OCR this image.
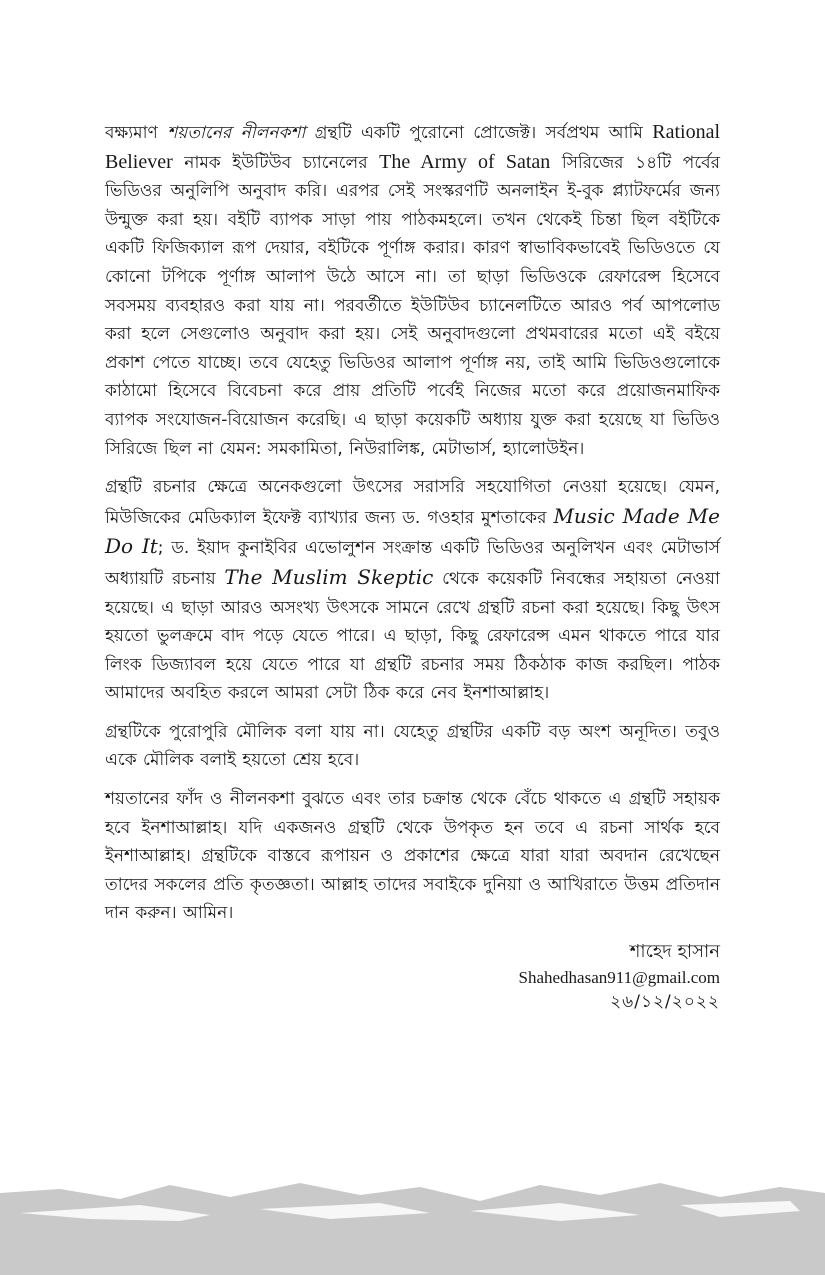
বক্ষ্যমাণ শয়তানের নীলনকশা গ্রন্থটি একটি পুরোনো প্রোজেক্ট। সর্বপ্রথম আমি Rational Believer নামক ইউটিউব চ্যানেলের The Army of Satan সিরিজের ১৪টি পর্বের ভিডিওর অনুলিপি অনুবাদ করি। এরপর সেই সংস্করণটি অনলাইন ই-বুক প্ল্যাটফর্মের জন্য উন্মুক্ত করা হয়। বইটি ব্যাপক সাড়া পায় পাঠকমহলে। তখন থেকেই চিন্তা ছিল বইটিকে একটি ফিজিক্যাল রূপ দেয়ার, বইটিকে পূর্ণাঙ্গ করার। কারণ স্বাভাবিকভাবেই ভিডিওতে যে কোনো টপিকে পূর্ণাঙ্গ আলাপ উঠে আসে না। তা ছাড়া ভিডিওকে রেফারেন্স হিসেবে সবসময় ব্যবহারও করা যায় না। পরবর্তীতে ইউটিউব চ্যানেলটিতে আরও পর্ব আপলোড করা হলে সেগুলোও অনুবাদ করা হয়। সেই অনুবাদগুলো প্রথমবারের মতো এই বইয়ে প্রকাশ পেতে যাচ্ছে। তবে যেহেতু ভিডিওর আলাপ পূর্ণাঙ্গ নয়, তাই আমি ভিডিওগুলোকে কাঠামো হিসেবে বিবেচনা করে প্রায় প্রতিটি পর্বেই নিজের মতো করে প্রয়োজনমাফিক ব্যাপক সংযোজন-বিয়োজন করেছি। এ ছাড়া কয়েকটি অধ্যায় যুক্ত করা হয়েছে যা ভিডিও সিরিজে ছিল না যেমন: সমকামিতা, নিউরালিঙ্ক, মেটাভার্স, হ্যালোউইন।

গ্রন্থটি রচনার ক্ষেত্রে অনেকগুলো উৎসের সরাসরি সহযোগিতা নেওয়া হয়েছে। যেমন, মিউজিকের মেডিক্যাল ইফেক্ট ব্যাখ্যার জন্য ড. গওহার মুশতাকের Music Made Me Do It; ড. ইয়াদ কুনাইবির এভোলুশন সংক্রান্ত একটি ভিডিওর অনুলিখন এবং মেটাভার্স অধ্যায়টি রচনায় The Muslim Skeptic থেকে কয়েকটি নিবন্ধের সহায়তা নেওয়া হয়েছে। এ ছাড়া আরও অসংখ্য উৎসকে সামনে রেখে গ্রন্থটি রচনা করা হয়েছে। কিছু উৎস হয়তো ভুলক্রমে বাদ পড়ে যেতে পারে। এ ছাড়া, কিছু রেফারেন্স এমন থাকতে পারে যার লিংক ডিজ্যাবল হয়ে যেতে পারে যা গ্রন্থটি রচনার সময় ঠিকঠাক কাজ করছিল। পাঠক আমাদের অবহিত করলে আমরা সেটা ঠিক করে নেব ইনশাআল্লাহ।

গ্রন্থটিকে পুরোপুরি মৌলিক বলা যায় না। যেহেতু গ্রন্থটির একটি বড় অংশ অনূদিত। তবুও একে মৌলিক বলাই হয়তো শ্রেয় হবে।

শয়তানের ফাঁদ ও নীলনকশা বুঝতে এবং তার চক্রান্ত থেকে বেঁচে থাকতে এ গ্রন্থটি সহায়ক হবে ইনশাআল্লাহ। যদি একজনও গ্রন্থটি থেকে উপকৃত হন তবে এ রচনা সার্থক হবে ইনশাআল্লাহ। গ্রন্থটিকে বাস্তবে রূপায়ন ও প্রকাশের ক্ষেত্রে যারা যারা অবদান রেখেছেন তাদের সকলের প্রতি কৃতজ্ঞতা। আল্লাহ তাদের সবাইকে দুনিয়া ও আখিরাতে উত্তম প্রতিদান দান করুন। আমিন।

শাহেদ হাসান
Shahedhasan911@gmail.com
২৬/১২/২০২২
